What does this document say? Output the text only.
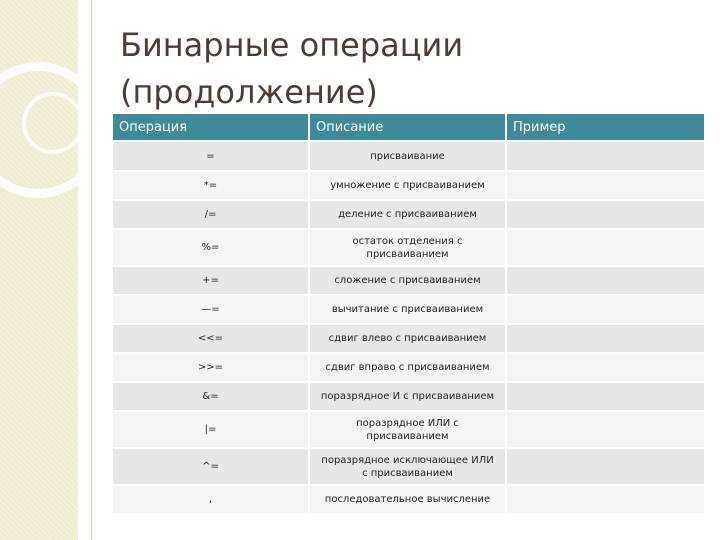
Бинарные операции
(продолжение)
Операция	Описание	Пример
=	присваивание	
*=	умножение с присваиванием	
/=	деление с присваиванием	
%=	остаток отделения с присваиванием	
+=	сложение с присваиванием	
—=	вычитание с присваиванием	
<<=	сдвиг влево с присваиванием	
>>=	сдвиг вправо с присваиванием	
&=	поразрядное И с присваиванием	
|=	поразрядное ИЛИ с присваиванием	
^=	поразрядное исключающее ИЛИ с присваиванием	
,	последовательное вычисление	
